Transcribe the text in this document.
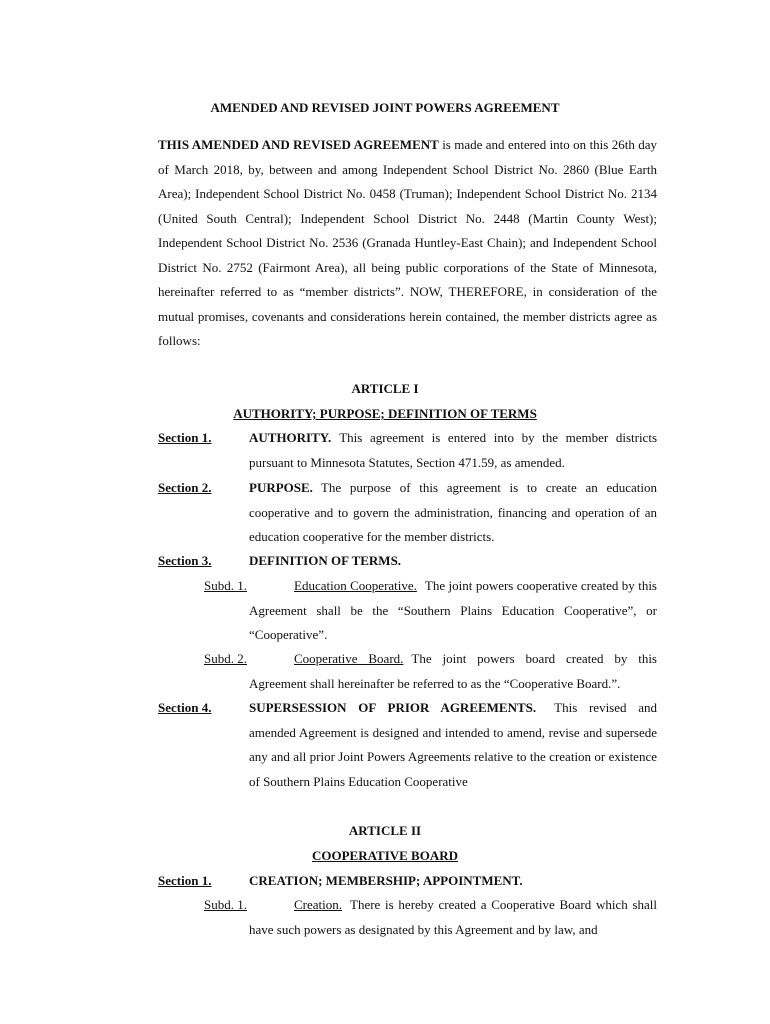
AMENDED AND REVISED JOINT POWERS AGREEMENT
THIS AMENDED AND REVISED AGREEMENT is made and entered into on this 26th day of March 2018, by, between and among Independent School District No. 2860 (Blue Earth Area); Independent School District No. 0458 (Truman); Independent School District No. 2134 (United South Central); Independent School District No. 2448 (Martin County West); Independent School District No. 2536 (Granada Huntley-East Chain); and Independent School District No. 2752 (Fairmont Area), all being public corporations of the State of Minnesota, hereinafter referred to as “member districts”. NOW, THEREFORE, in consideration of the mutual promises, covenants and considerations herein contained, the member districts agree as follows:
ARTICLE I
AUTHORITY; PURPOSE; DEFINITION OF TERMS
Section 1.	AUTHORITY. This agreement is entered into by the member districts pursuant to Minnesota Statutes, Section 471.59, as amended.
Section 2.	PURPOSE. The purpose of this agreement is to create an education cooperative and to govern the administration, financing and operation of an education cooperative for the member districts.
Section 3.	DEFINITION OF TERMS.
Subd. 1.	Education Cooperative. The joint powers cooperative created by this Agreement shall be the “Southern Plains Education Cooperative”, or “Cooperative”.
Subd. 2.	Cooperative Board. The joint powers board created by this Agreement shall hereinafter be referred to as the “Cooperative Board.”.
Section 4.	SUPERSESSION OF PRIOR AGREEMENTS. This revised and amended Agreement is designed and intended to amend, revise and supersede any and all prior Joint Powers Agreements relative to the creation or existence of Southern Plains Education Cooperative
ARTICLE II
COOPERATIVE BOARD
Section 1.	CREATION; MEMBERSHIP; APPOINTMENT.
Subd. 1.	Creation. There is hereby created a Cooperative Board which shall have such powers as designated by this Agreement and by law, and
